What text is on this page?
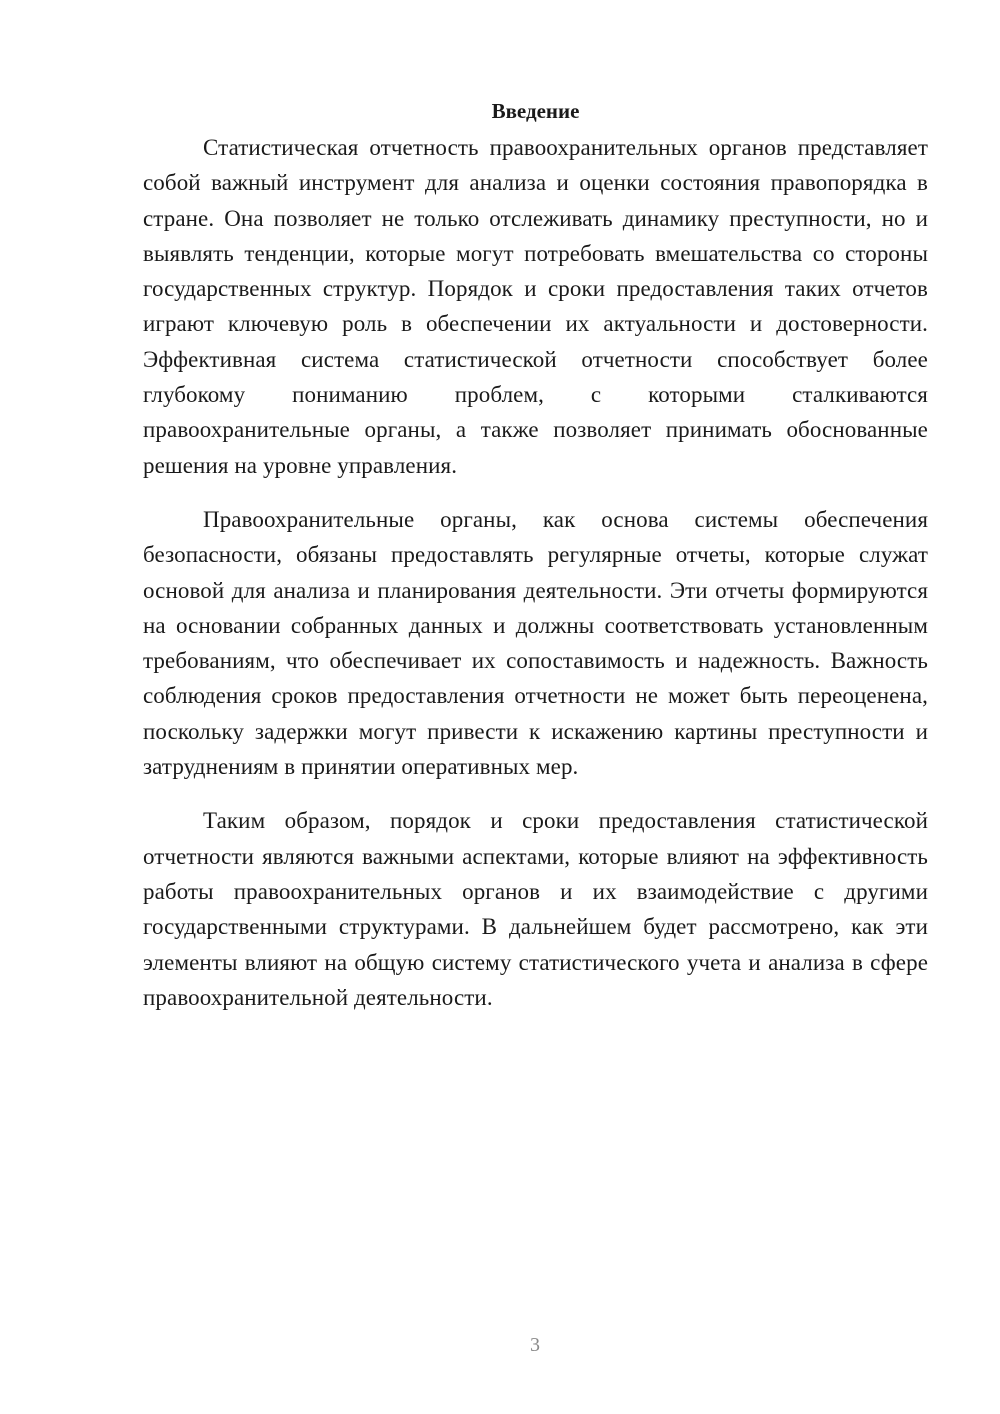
Введение

Статистическая отчетность правоохранительных органов представляет собой важный инструмент для анализа и оценки состояния правопорядка в стране. Она позволяет не только отслеживать динамику преступности, но и выявлять тенденции, которые могут потребовать вмешательства со стороны государственных структур. Порядок и сроки предоставления таких отчетов играют ключевую роль в обеспечении их актуальности и достоверности. Эффективная система статистической отчетности способствует более глубокому пониманию проблем, с которыми сталкиваются правоохранительные органы, а также позволяет принимать обоснованные решения на уровне управления.

Правоохранительные органы, как основа системы обеспечения безопасности, обязаны предоставлять регулярные отчеты, которые служат основой для анализа и планирования деятельности. Эти отчеты формируются на основании собранных данных и должны соответствовать установленным требованиям, что обеспечивает их сопоставимость и надежность. Важность соблюдения сроков предоставления отчетности не может быть переоценена, поскольку задержки могут привести к искажению картины преступности и затруднениям в принятии оперативных мер.

Таким образом, порядок и сроки предоставления статистической отчетности являются важными аспектами, которые влияют на эффективность работы правоохранительных органов и их взаимодействие с другими государственными структурами. В дальнейшем будет рассмотрено, как эти элементы влияют на общую систему статистического учета и анализа в сфере правоохранительной деятельности.

3
